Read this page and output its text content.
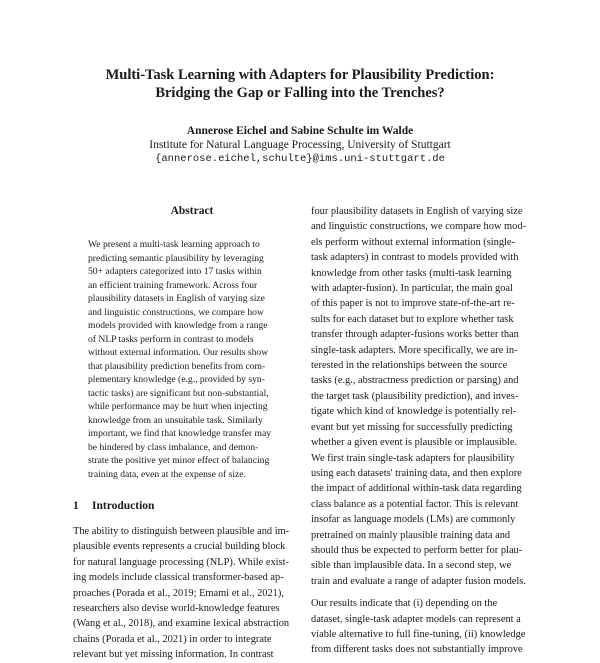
Multi-Task Learning with Adapters for Plausibility Prediction:
Bridging the Gap or Falling into the Trenches?
Annerose Eichel and Sabine Schulte im Walde
Institute for Natural Language Processing, University of Stuttgart
{annerose.eichel,schulte}@ims.uni-stuttgart.de
Abstract
We present a multi-task learning approach to
predicting semantic plausibility by leveraging
50+ adapters categorized into 17 tasks within
an efficient training framework. Across four
plausibility datasets in English of varying size
and linguistic constructions, we compare how
models provided with knowledge from a range
of NLP tasks perform in contrast to models
without external information. Our results show
that plausibility prediction benefits from com-
plementary knowledge (e.g., provided by syn-
tactic tasks) are significant but non-substantial,
while performance may be hurt when injecting
knowledge from an unsuitable task. Similarly
important, we find that knowledge transfer may
be hindered by class imbalance, and demon-
strate the positive yet minor effect of balancing
training data, even at the expense of size.
1 Introduction
The ability to distinguish between plausible and im-
plausible events represents a crucial building block
for natural language processing (NLP). While exist-
ing models include classical transformer-based ap-
proaches (Porada et al., 2019; Emami et al., 2021),
researchers also devise world-knowledge features
(Wang et al., 2018), and examine lexical abstraction
chains (Porada et al., 2021) in order to integrate
relevant but yet missing information. In contrast
four plausibility datasets in English of varying size
and linguistic constructions, we compare how mod-
els perform without external information (single-
task adapters) in contrast to models provided with
knowledge from other tasks (multi-task learning
with adapter-fusion). In particular, the main goal
of this paper is not to improve state-of-the-art re-
sults for each dataset but to explore whether task
transfer through adapter-fusions works better than
single-task adapters. More specifically, we are in-
terested in the relationships between the source
tasks (e.g., abstractness prediction or parsing) and
the target task (plausibility prediction), and inves-
tigate which kind of knowledge is potentially rel-
evant but yet missing for successfully predicting
whether a given event is plausible or implausible.
We first train single-task adapters for plausibility
using each datasets' training data, and then explore
the impact of additional within-task data regarding
class balance as a potential factor. This is relevant
insofar as language models (LMs) are commonly
pretrained on mainly plausible training data and
should thus be expected to perform better for plau-
sible than implausible data. In a second step, we
train and evaluate a range of adapter fusion models.
Our results indicate that (i) depending on the
dataset, single-task adapter models can represent a
viable alternative to full fine-tuning, (ii) knowledge
from different tasks does not substantially improve
